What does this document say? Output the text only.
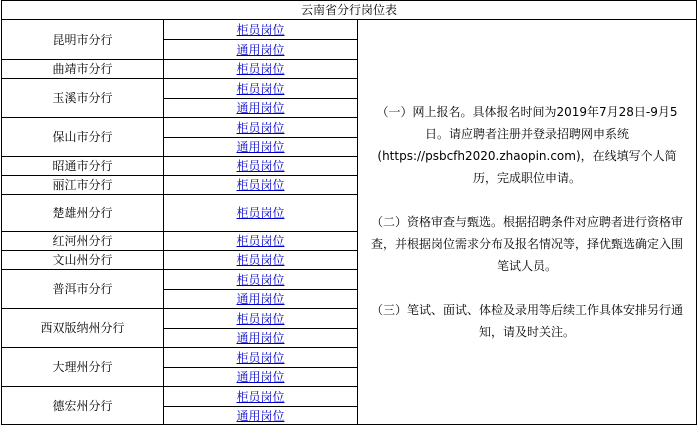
云南省分行岗位表		
昆明市分行	柜员岗位	（一）网上报名。具体报名时间为2019年7月28日-9月5日。请应聘者注册并登录招聘网申系统(https://psbcfh2020.zhaopin.com)，在线填写个人简历，完成职位申请。

（二）资格审查与甄选。根据招聘条件对应聘者进行资格审查，并根据岗位需求分布及报名情况等，择优甄选确定入围笔试人员。

（三）笔试、面试、体检及录用等后续工作具体安排另行通知，请及时关注。

	通用岗位	
曲靖市分行	柜员岗位	
玉溪市分行	柜员岗位	
	通用岗位	
保山市分行	柜员岗位	
	通用岗位	
昭通市分行	柜员岗位	
丽江市分行	柜员岗位	
楚雄州分行	柜员岗位	
红河州分行	柜员岗位	
文山州分行	柜员岗位	
普洱市分行	柜员岗位	
	通用岗位	
西双版纳州分行	柜员岗位	
	通用岗位	
大理州分行	柜员岗位	
	通用岗位	
德宏州分行	柜员岗位	
	通用岗位	
